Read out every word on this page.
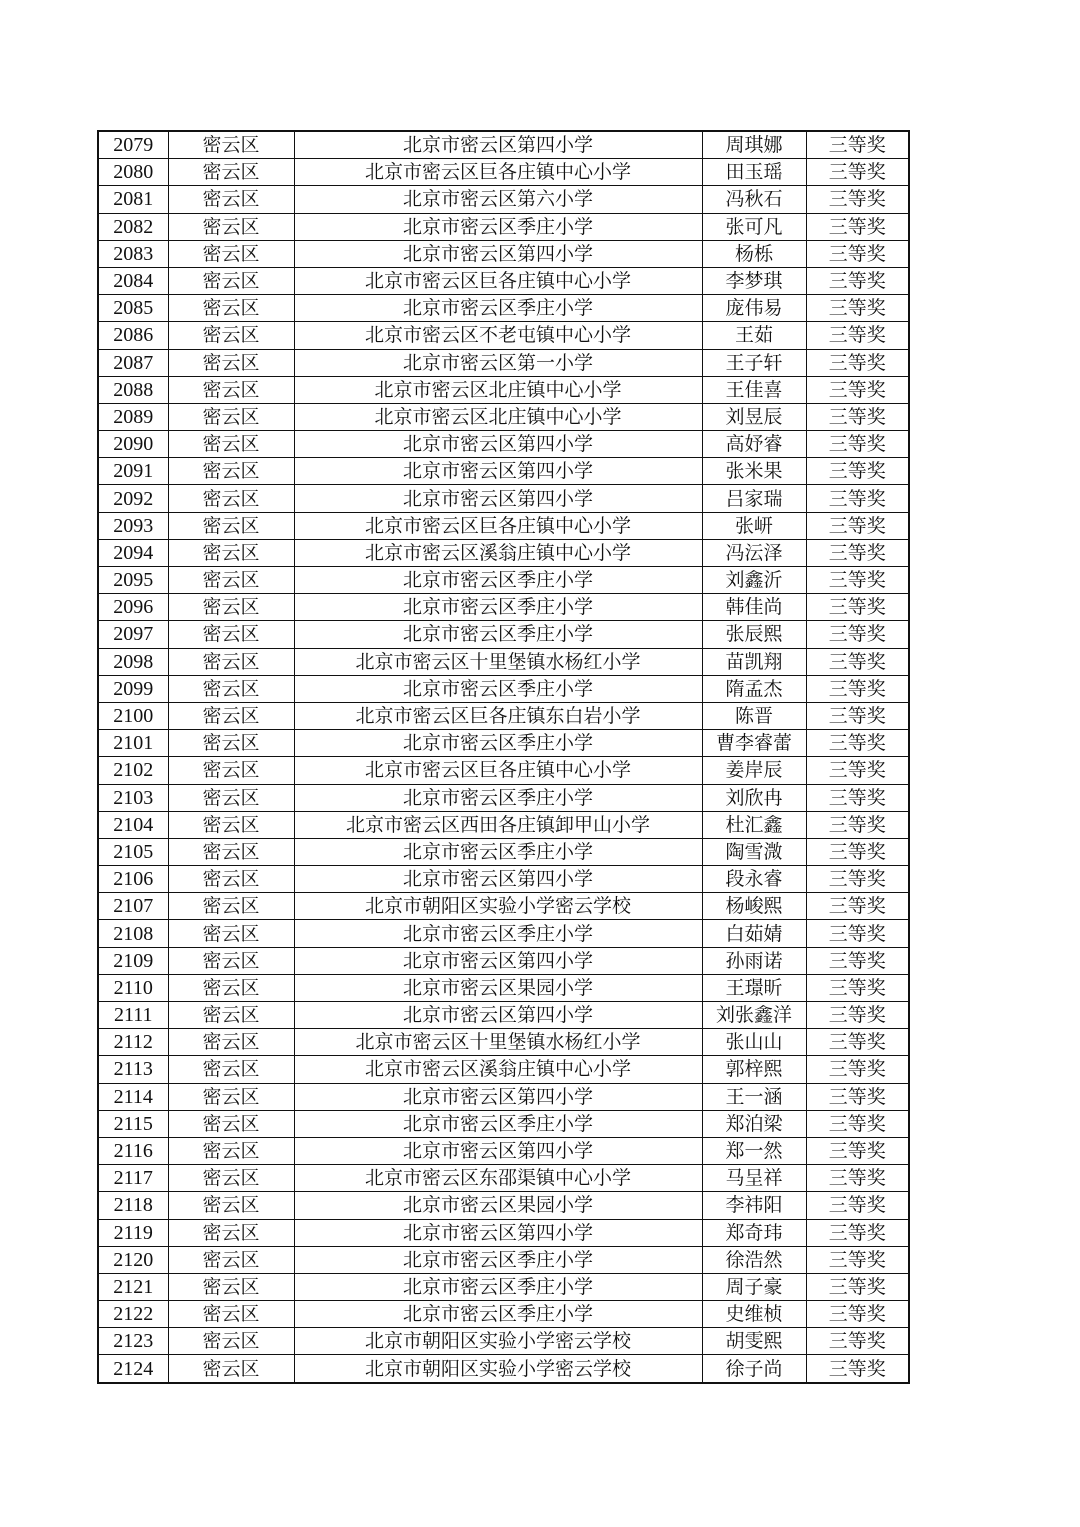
2079	密云区	北京市密云区第四小学	周琪娜	三等奖
2080	密云区	北京市密云区巨各庄镇中心小学	田玉瑶	三等奖
2081	密云区	北京市密云区第六小学	冯秋石	三等奖
2082	密云区	北京市密云区季庄小学	张可凡	三等奖
2083	密云区	北京市密云区第四小学	杨栎	三等奖
2084	密云区	北京市密云区巨各庄镇中心小学	李梦琪	三等奖
2085	密云区	北京市密云区季庄小学	庞伟易	三等奖
2086	密云区	北京市密云区不老屯镇中心小学	王茹	三等奖
2087	密云区	北京市密云区第一小学	王子轩	三等奖
2088	密云区	北京市密云区北庄镇中心小学	王佳喜	三等奖
2089	密云区	北京市密云区北庄镇中心小学	刘昱辰	三等奖
2090	密云区	北京市密云区第四小学	高妤睿	三等奖
2091	密云区	北京市密云区第四小学	张米果	三等奖
2092	密云区	北京市密云区第四小学	吕家瑞	三等奖
2093	密云区	北京市密云区巨各庄镇中心小学	张岍	三等奖
2094	密云区	北京市密云区溪翁庄镇中心小学	冯沄泽	三等奖
2095	密云区	北京市密云区季庄小学	刘鑫沂	三等奖
2096	密云区	北京市密云区季庄小学	韩佳尚	三等奖
2097	密云区	北京市密云区季庄小学	张辰熙	三等奖
2098	密云区	北京市密云区十里堡镇水杨红小学	苗凯翔	三等奖
2099	密云区	北京市密云区季庄小学	隋孟杰	三等奖
2100	密云区	北京市密云区巨各庄镇东白岩小学	陈晋	三等奖
2101	密云区	北京市密云区季庄小学	曹李睿蕾	三等奖
2102	密云区	北京市密云区巨各庄镇中心小学	姜岸辰	三等奖
2103	密云区	北京市密云区季庄小学	刘欣冉	三等奖
2104	密云区	北京市密云区西田各庄镇卸甲山小学	杜汇鑫	三等奖
2105	密云区	北京市密云区季庄小学	陶雪溦	三等奖
2106	密云区	北京市密云区第四小学	段永睿	三等奖
2107	密云区	北京市朝阳区实验小学密云学校	杨峻熙	三等奖
2108	密云区	北京市密云区季庄小学	白茹婧	三等奖
2109	密云区	北京市密云区第四小学	孙雨诺	三等奖
2110	密云区	北京市密云区果园小学	王璟昕	三等奖
2111	密云区	北京市密云区第四小学	刘张鑫洋	三等奖
2112	密云区	北京市密云区十里堡镇水杨红小学	张山山	三等奖
2113	密云区	北京市密云区溪翁庄镇中心小学	郭梓熙	三等奖
2114	密云区	北京市密云区第四小学	王一涵	三等奖
2115	密云区	北京市密云区季庄小学	郑泊梁	三等奖
2116	密云区	北京市密云区第四小学	郑一然	三等奖
2117	密云区	北京市密云区东邵渠镇中心小学	马呈祥	三等奖
2118	密云区	北京市密云区果园小学	李祎阳	三等奖
2119	密云区	北京市密云区第四小学	郑奇玮	三等奖
2120	密云区	北京市密云区季庄小学	徐浩然	三等奖
2121	密云区	北京市密云区季庄小学	周子豪	三等奖
2122	密云区	北京市密云区季庄小学	史维桢	三等奖
2123	密云区	北京市朝阳区实验小学密云学校	胡雯熙	三等奖
2124	密云区	北京市朝阳区实验小学密云学校	徐子尚	三等奖
